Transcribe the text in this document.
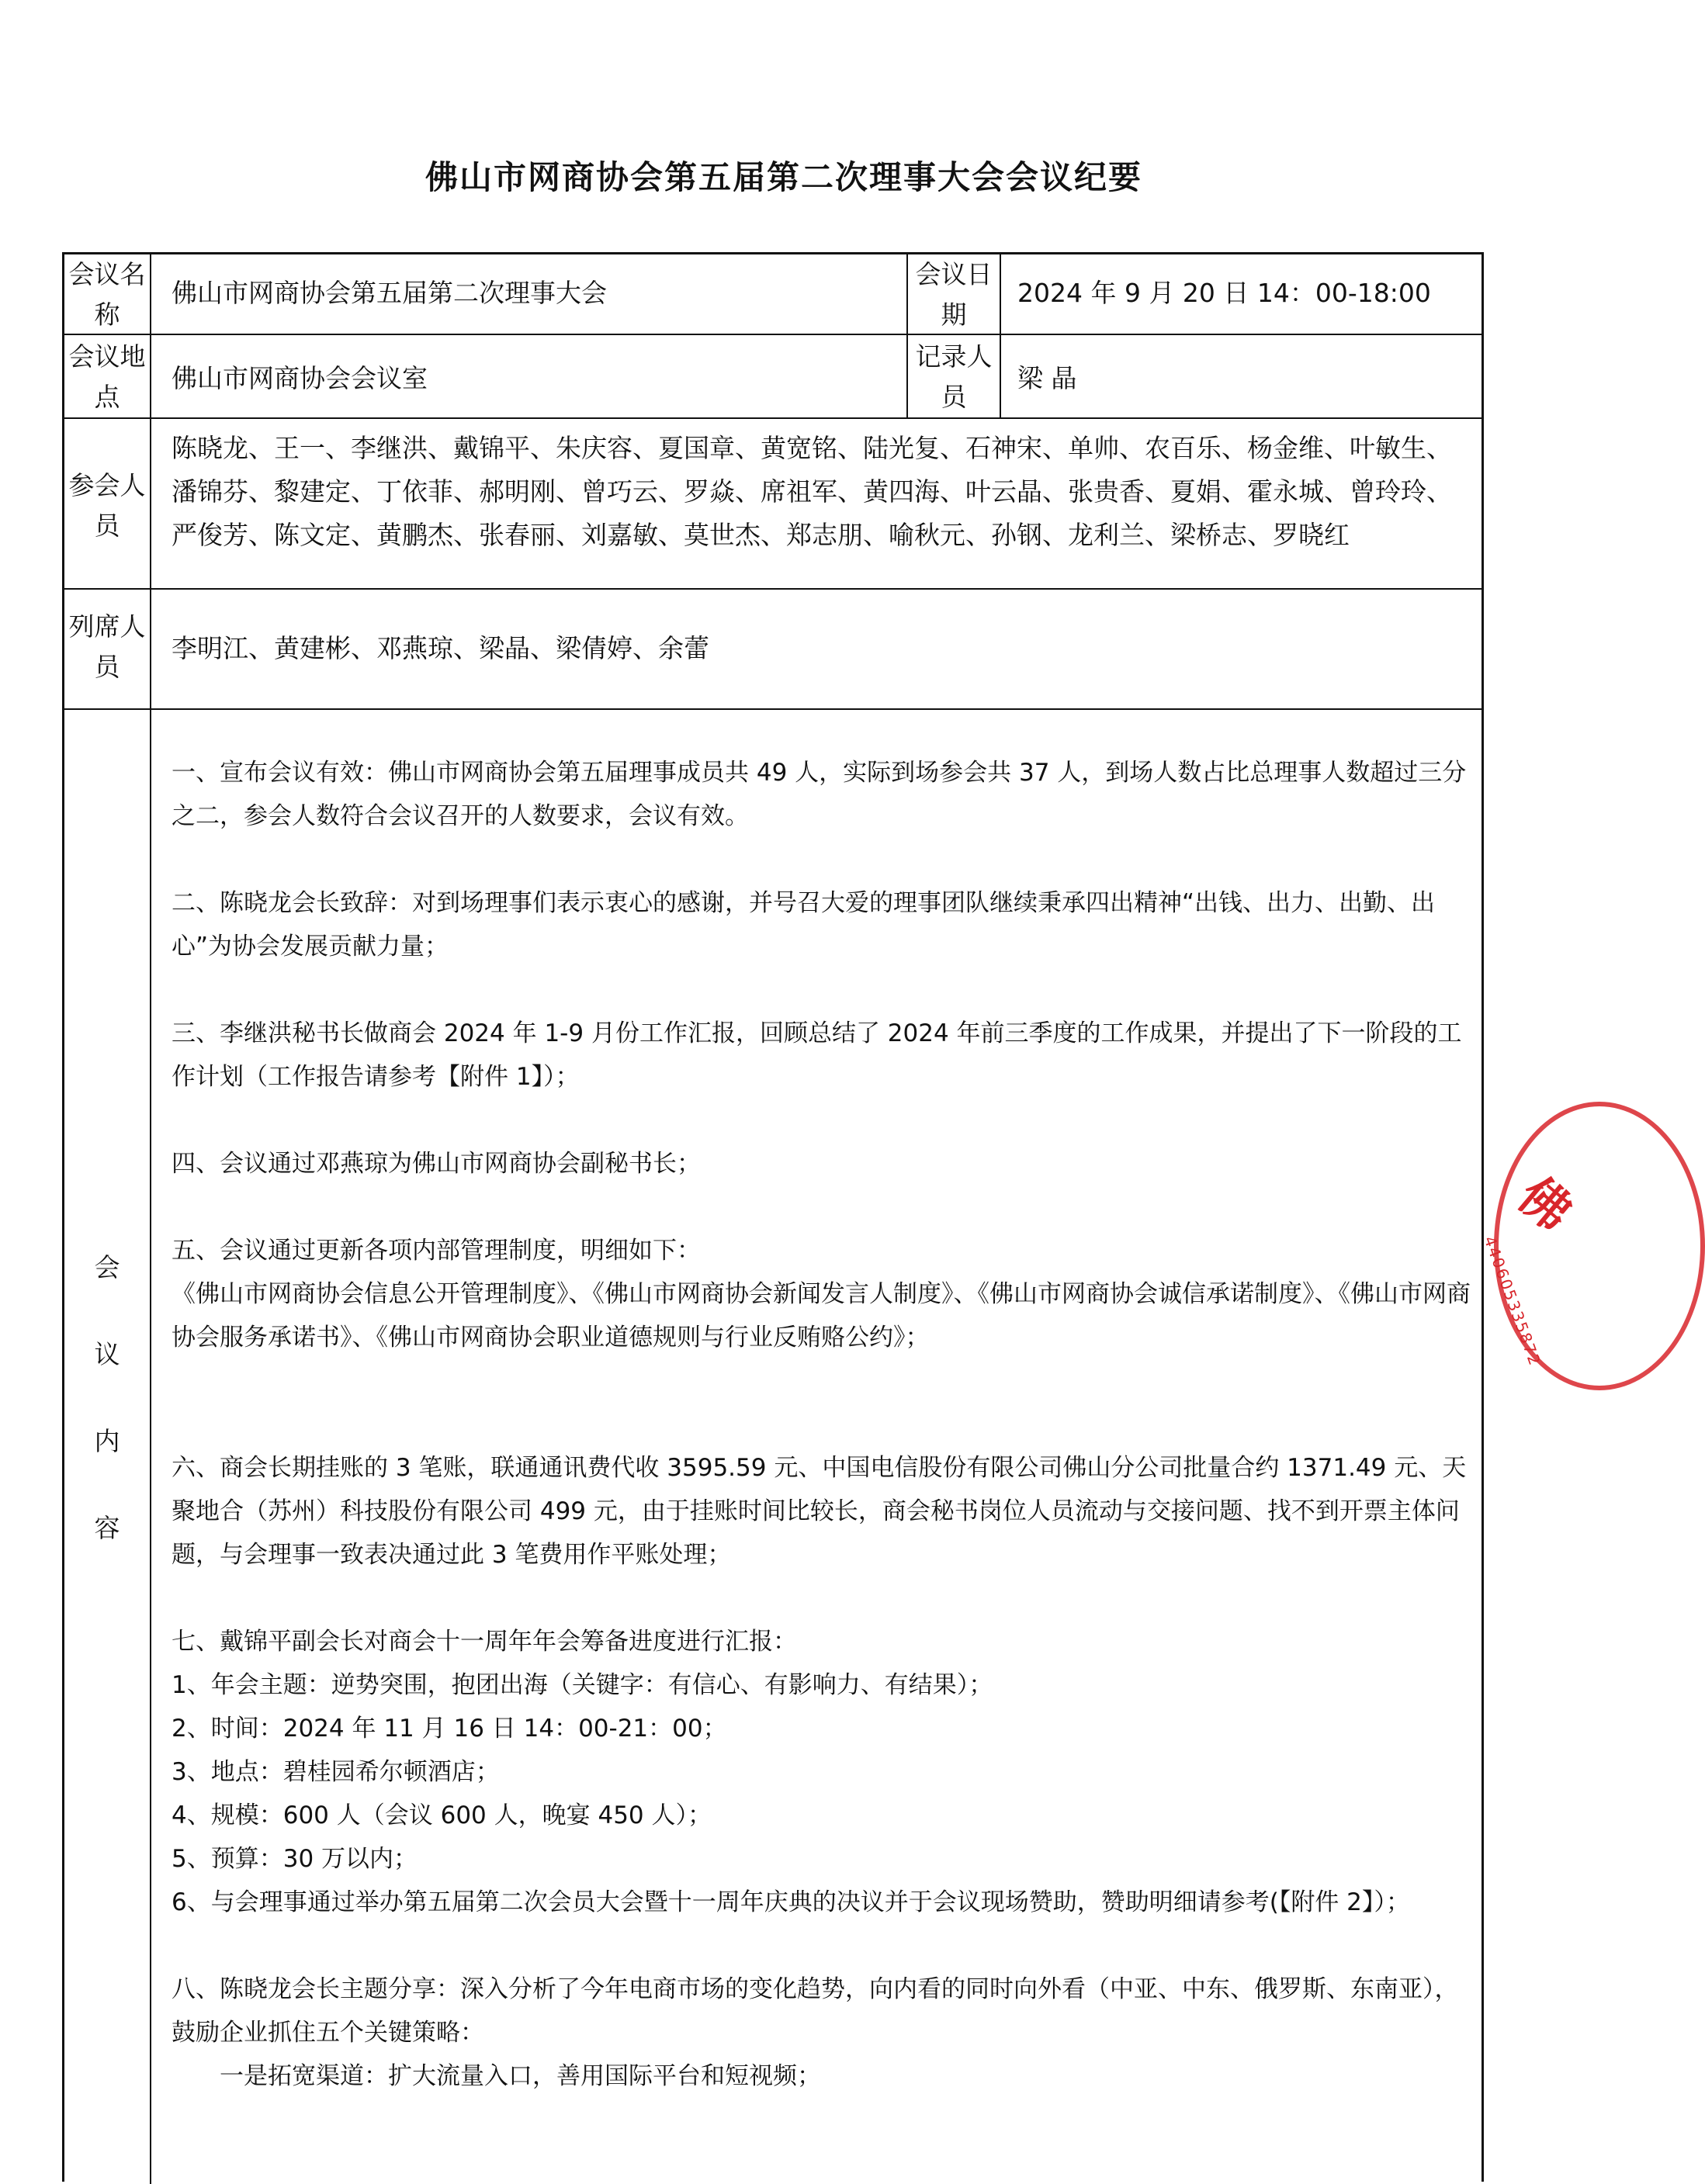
佛山市网商协会第五届第二次理事大会会议纪要
会议名称
佛山市网商协会第五届第二次理事大会
会议日期
2024 年 9 月 20 日 14：00-18:00
会议地点
佛山市网商协会会议室
记录人员
梁 晶
参会人员
陈晓龙、王一、李继洪、戴锦平、朱庆容、夏国章、黄宽铭、陆光复、石神宋、单帅、农百乐、杨金维、叶敏生、潘锦芬、黎建定、丁依菲、郝明刚、曾巧云、罗焱、席祖军、黄四海、叶云晶、张贵香、夏娟、霍永城、曾玲玲、严俊芳、陈文定、黄鹏杰、张春丽、刘嘉敏、莫世杰、郑志朋、喻秋元、孙钢、龙利兰、梁桥志、罗晓红
列席人员
李明江、黄建彬、邓燕琼、梁晶、梁倩婷、余蕾
会
议
内
容

一、宣布会议有效：佛山市网商协会第五届理事成员共 49 人，实际到场参会共 37 人，到场人数占比总理事人数超过三分之二，参会人数符合会议召开的人数要求，会议有效。

二、陈晓龙会长致辞：对到场理事们表示衷心的感谢，并号召大爱的理事团队继续秉承四出精神“出钱、出力、出勤、出心”为协会发展贡献力量；

三、李继洪秘书长做商会 2024 年 1-9 月份工作汇报，回顾总结了 2024 年前三季度的工作成果，并提出了下一阶段的工作计划（工作报告请参考【附件 1】）；

四、会议通过邓燕琼为佛山市网商协会副秘书长；

五、会议通过更新各项内部管理制度，明细如下：

《佛山市网商协会信息公开管理制度》、《佛山市网商协会新闻发言人制度》、《佛山市网商协会诚信承诺制度》、《佛山市网商协会服务承诺书》、《佛山市网商协会职业道德规则与行业反贿赂公约》；

六、商会长期挂账的 3 笔账，联通通讯费代收 3595.59 元、中国电信股份有限公司佛山分公司批量合约 1371.49 元、天聚地合（苏州）科技股份有限公司 499 元，由于挂账时间比较长，商会秘书岗位人员流动与交接问题、找不到开票主体问题，与会理事一致表决通过此 3 笔费用作平账处理；

七、戴锦平副会长对商会十一周年年会筹备进度进行汇报：

1、年会主题：逆势突围，抱团出海（关键字：有信心、有影响力、有结果）；

2、时间：2024 年 11 月 16 日 14：00-21：00；

3、地点：碧桂园希尔顿酒店；

4、规模：600 人（会议 600 人，晚宴 450 人）；

5、预算：30 万以内；

6、与会理事通过举办第五届第二次会员大会暨十一周年庆典的决议并于会议现场赞助，赞助明细请参考(【附件 2】）；

八、陈晓龙会长主题分享：深入分析了今年电商市场的变化趋势，向内看的同时向外看（中亚、中东、俄罗斯、东南亚），鼓励企业抓住五个关键策略：

一是拓宽渠道：扩大流量入口，善用国际平台和短视频；

佛
44060533587​2
